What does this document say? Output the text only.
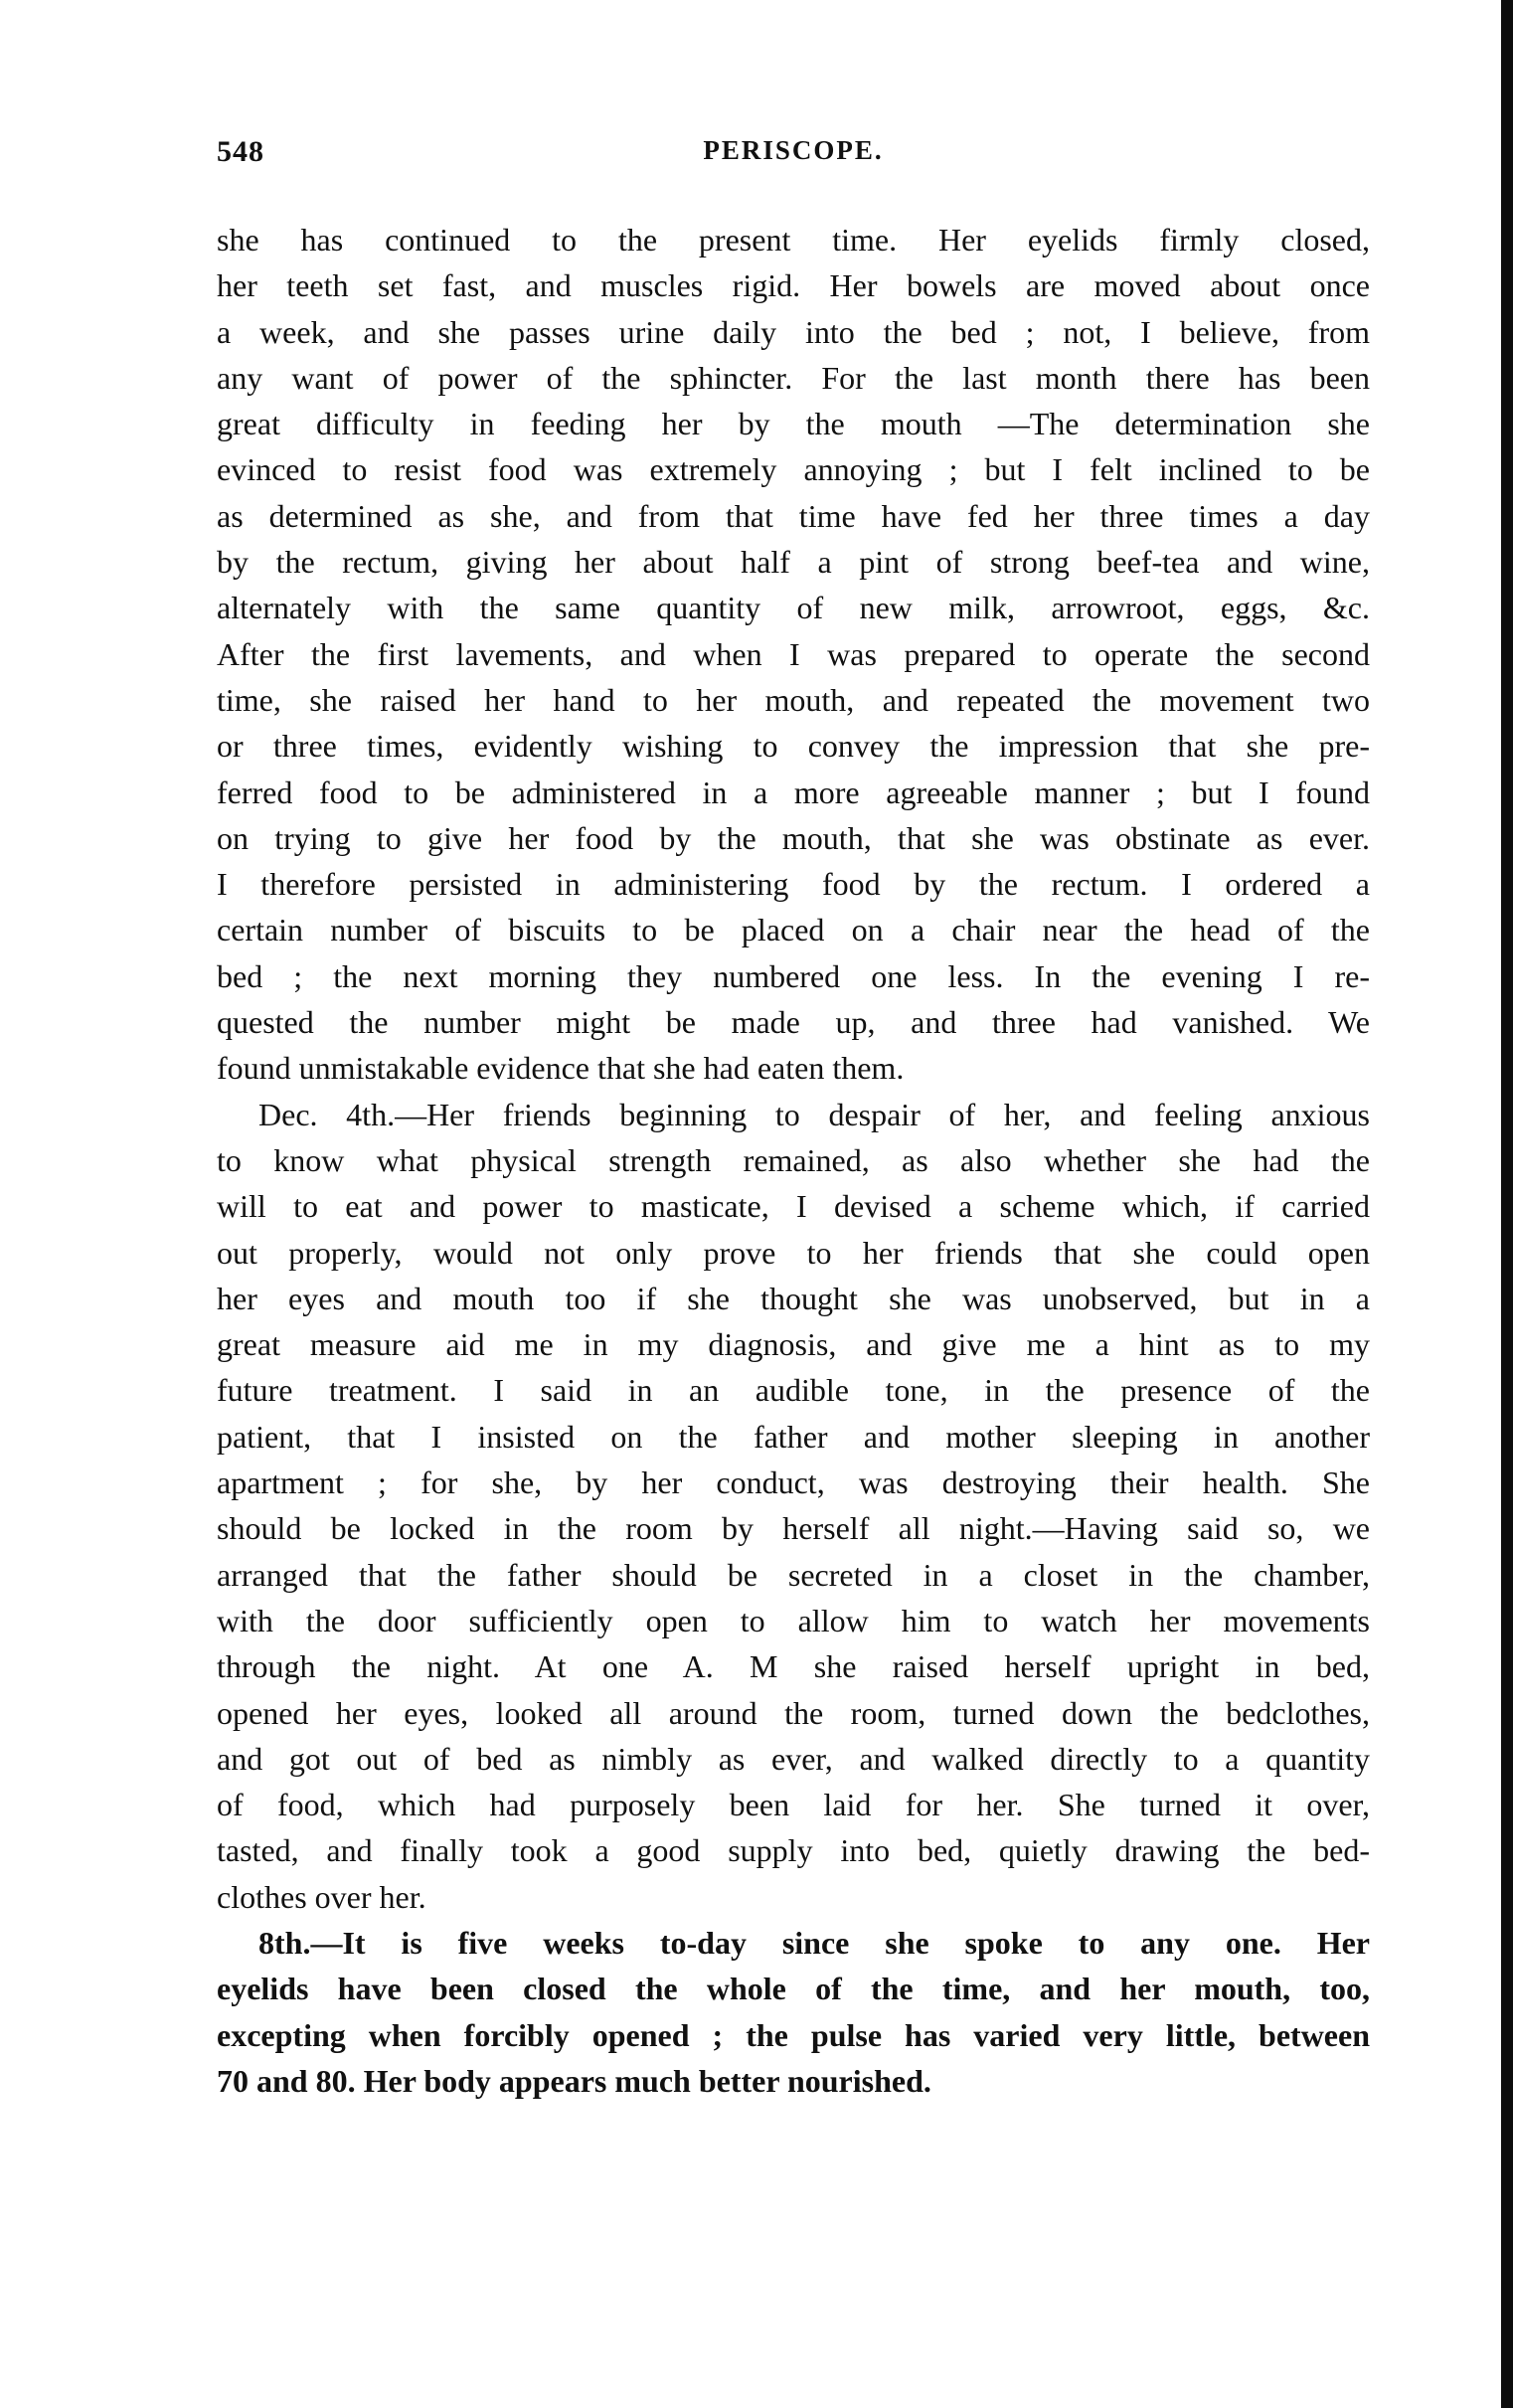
548	PERISCOPE.
she has continued to the present time. Her eyelids firmly closed,
her teeth set fast, and muscles rigid. Her bowels are moved about once
a week, and she passes urine daily into the bed ; not, I believe, from
any want of power of the sphincter. For the last month there has been
great difficulty in feeding her by the mouth —The determination she
evinced to resist food was extremely annoying ; but I felt inclined to be
as determined as she, and from that time have fed her three times a day
by the rectum, giving her about half a pint of strong beef-tea and wine,
alternately with the same quantity of new milk, arrowroot, eggs, &c.
After the first lavements, and when I was prepared to operate the second
time, she raised her hand to her mouth, and repeated the movement two
or three times, evidently wishing to convey the impression that she pre-
ferred food to be administered in a more agreeable manner ; but I found
on trying to give her food by the mouth, that she was obstinate as ever.
I therefore persisted in administering food by the rectum. I ordered a
certain number of biscuits to be placed on a chair near the head of the
bed ; the next morning they numbered one less. In the evening I re-
quested the number might be made up, and three had vanished. We
found unmistakable evidence that she had eaten them.
Dec. 4th.—Her friends beginning to despair of her, and feeling anxious
to know what physical strength remained, as also whether she had the
will to eat and power to masticate, I devised a scheme which, if carried
out properly, would not only prove to her friends that she could open
her eyes and mouth too if she thought she was unobserved, but in a
great measure aid me in my diagnosis, and give me a hint as to my
future treatment. I said in an audible tone, in the presence of the
patient, that I insisted on the father and mother sleeping in another
apartment ; for she, by her conduct, was destroying their health. She
should be locked in the room by herself all night.—Having said so, we
arranged that the father should be secreted in a closet in the chamber,
with the door sufficiently open to allow him to watch her movements
through the night. At one A. M she raised herself upright in bed,
opened her eyes, looked all around the room, turned down the bedclothes,
and got out of bed as nimbly as ever, and walked directly to a quantity
of food, which had purposely been laid for her. She turned it over,
tasted, and finally took a good supply into bed, quietly drawing the bed-
clothes over her.
8th.—It is five weeks to-day since she spoke to any one. Her
eyelids have been closed the whole of the time, and her mouth, too,
excepting when forcibly opened ; the pulse has varied very little, between
70 and 80. Her body appears much better nourished.
